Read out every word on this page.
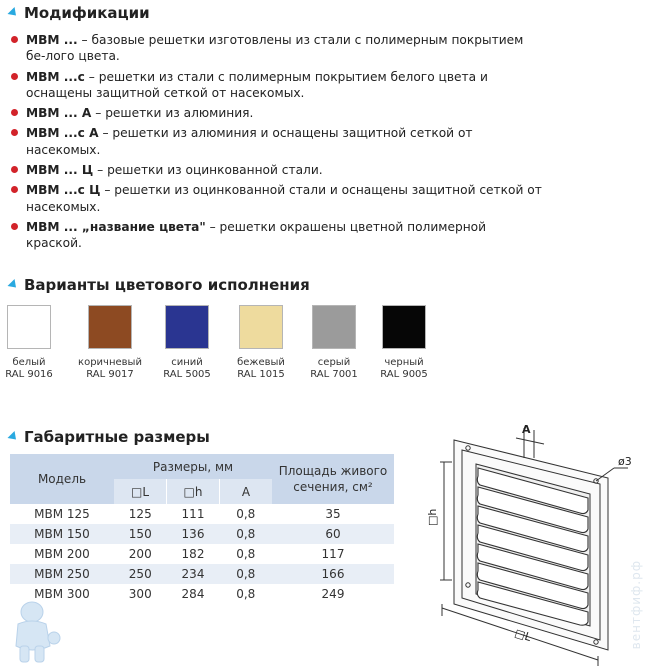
Модификации
МВМ ... – базовые решетки изготовлены из стали с полимерным покрытием бе-лого цвета.
МВМ ...с – решетки из стали с полимерным покрытием белого цвета и оснащены защитной сеткой от насекомых.
МВМ ... А – решетки из алюминия.
МВМ ...с А – решетки из алюминия и оснащены защитной сеткой от насекомых.
МВМ ... Ц – решетки из оцинкованной стали.
МВМ ...с Ц – решетки из оцинкованной стали и оснащены защитной сеткой от насекомых.
МВМ ... „название цвета" – решетки окрашены цветной полимерной краской.
Варианты цветового исполнения
белый
RAL 9016
коричневый
RAL 9017
синий
RAL 5005
бежевый
RAL 1015
серый
RAL 7001
черный
RAL 9005
Габаритные размеры
Модель	Размеры, мм			Площадь живого сечения, см²
	□L	□h	A	
МВМ 125	125	111	0,8	35
МВМ 150	150	136	0,8	60
МВМ 200	200	182	0,8	117
МВМ 250	250	234	0,8	166
МВМ 300	300	284	0,8	249
A
ø3
□h
□L	вентфиф.рф
